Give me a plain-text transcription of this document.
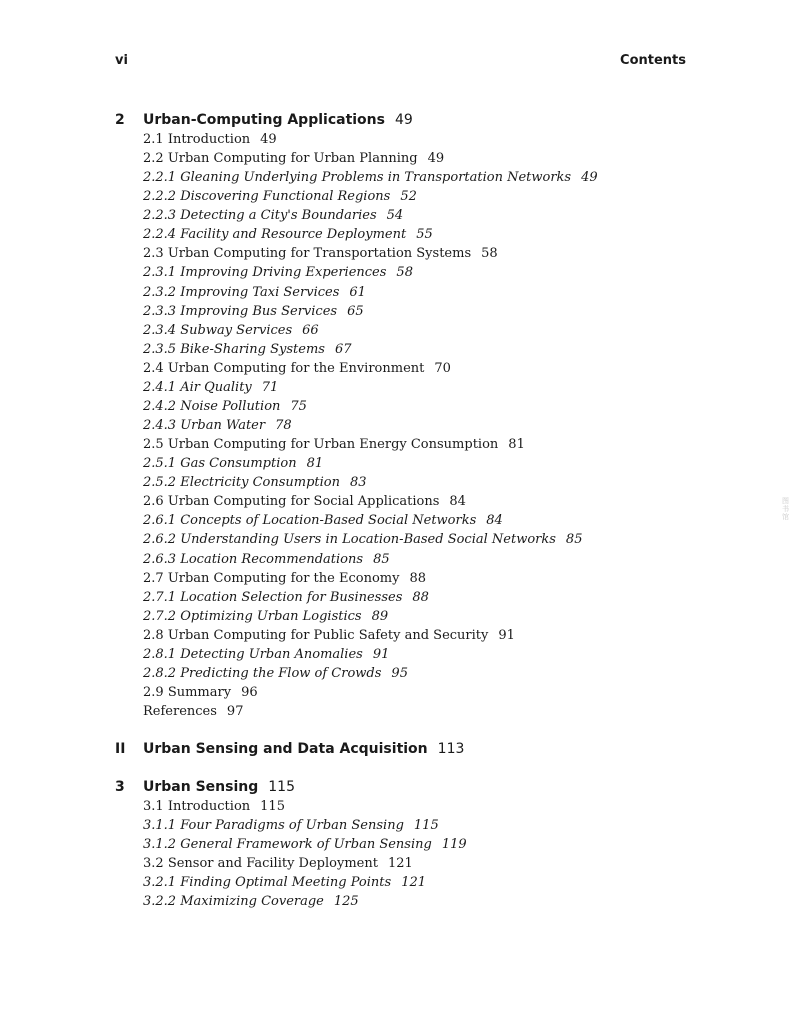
vi	Contents
2 Urban-Computing Applications 49
2.1 Introduction 49
2.2 Urban Computing for Urban Planning 49
2.2.1 Gleaning Underlying Problems in Transportation Networks 49
2.2.2 Discovering Functional Regions 52
2.2.3 Detecting a City's Boundaries 54
2.2.4 Facility and Resource Deployment 55
2.3 Urban Computing for Transportation Systems 58
2.3.1 Improving Driving Experiences 58
2.3.2 Improving Taxi Services 61
2.3.3 Improving Bus Services 65
2.3.4 Subway Services 66
2.3.5 Bike-Sharing Systems 67
2.4 Urban Computing for the Environment 70
2.4.1 Air Quality 71
2.4.2 Noise Pollution 75
2.4.3 Urban Water 78
2.5 Urban Computing for Urban Energy Consumption 81
2.5.1 Gas Consumption 81
2.5.2 Electricity Consumption 83
2.6 Urban Computing for Social Applications 84
2.6.1 Concepts of Location-Based Social Networks 84
2.6.2 Understanding Users in Location-Based Social Networks 85
2.6.3 Location Recommendations 85
2.7 Urban Computing for the Economy 88
2.7.1 Location Selection for Businesses 88
2.7.2 Optimizing Urban Logistics 89
2.8 Urban Computing for Public Safety and Security 91
2.8.1 Detecting Urban Anomalies 91
2.8.2 Predicting the Flow of Crowds 95
2.9 Summary 96
References 97
II Urban Sensing and Data Acquisition 113
3 Urban Sensing 115
3.1 Introduction 115
3.1.1 Four Paradigms of Urban Sensing 115
3.1.2 General Framework of Urban Sensing 119
3.2 Sensor and Facility Deployment 121
3.2.1 Finding Optimal Meeting Points 121
3.2.2 Maximizing Coverage 125
图书馆
